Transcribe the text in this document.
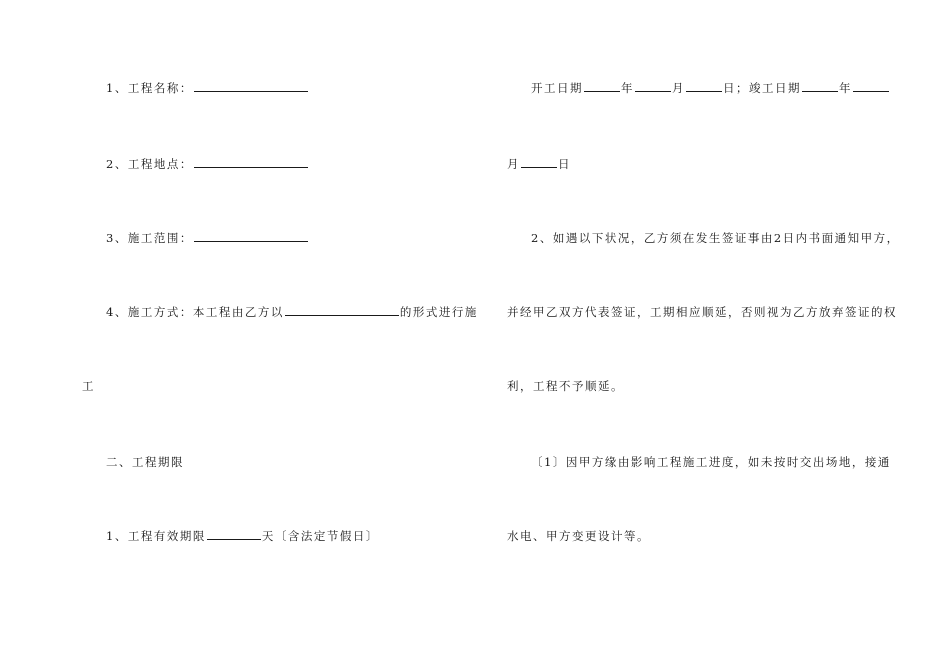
1、工程名称：
2、工程地点：
3、施工范围：
4、施工方式：本工程由乙方以	的形式进行施
工
二、工程期限
1、工程有效期限	天〔含法定节假日〕
开工日期	年	月	日；竣工日期	年
月	日
2、如遇以下状况，乙方须在发生签证事由2日内书面通知甲方，
并经甲乙双方代表签证，工期相应顺延，否则视为乙方放弃签证的权
利，工程不予顺延。
〔1〕因甲方缘由影响工程施工进度，如未按时交出场地，接通
水电、甲方变更设计等。
